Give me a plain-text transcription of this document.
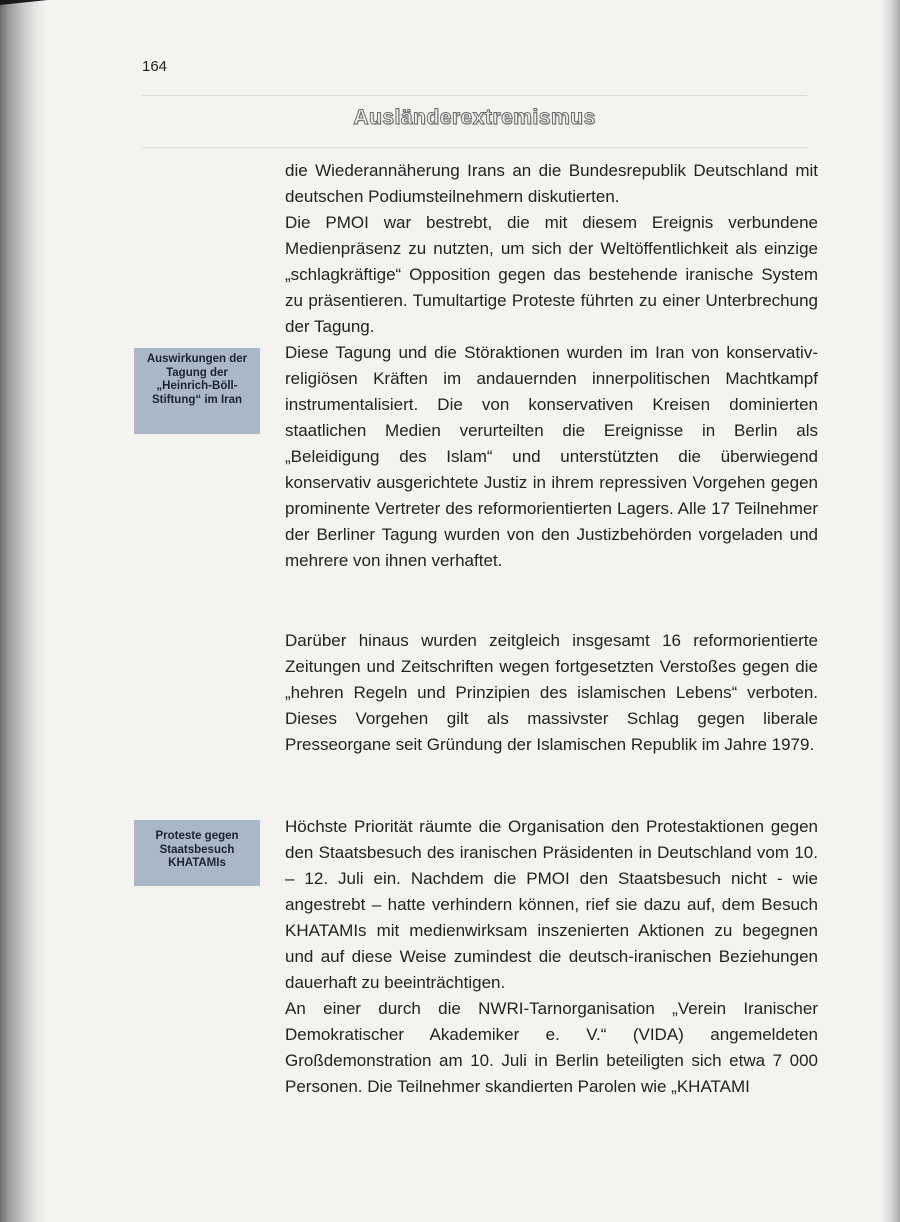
164
Ausländerextremismus
Auswirkungen der Tagung der „Heinrich-Böll-Stiftung“ im Iran
Proteste gegen Staatsbesuch KHATAMIs

die Wiederannäherung Irans an die Bundesrepublik Deutschland mit deutschen Podiumsteilnehmern diskutierten.

Die PMOI war bestrebt, die mit diesem Ereignis verbundene Medienpräsenz zu nutzten, um sich der Weltöffentlichkeit als einzige „schlagkräftige“ Opposition gegen das bestehende iranische System zu präsentieren. Tumultartige Proteste führten zu einer Unterbrechung der Tagung.

Diese Tagung und die Störaktionen wurden im Iran von konservativ-religiösen Kräften im andauernden innerpolitischen Machtkampf instrumentalisiert. Die von konservativen Kreisen dominierten staatlichen Medien verurteilten die Ereignisse in Berlin als „Beleidigung des Islam“ und unterstützten die überwiegend konservativ ausgerichtete Justiz in ihrem repressiven Vorgehen gegen prominente Vertreter des reformorientierten Lagers. Alle 17 Teilnehmer der Berliner Tagung wurden von den Justizbehörden vorgeladen und mehrere von ihnen verhaftet.

Darüber hinaus wurden zeitgleich insgesamt 16 reformorientierte Zeitungen und Zeitschriften wegen fortgesetzten Verstoßes gegen die „hehren Regeln und Prinzipien des islamischen Lebens“ verboten. Dieses Vorgehen gilt als massivster Schlag gegen liberale Presseorgane seit Gründung der Islamischen Republik im Jahre 1979.

Höchste Priorität räumte die Organisation den Protestaktionen gegen den Staatsbesuch des iranischen Präsidenten in Deutschland vom 10. – 12. Juli ein. Nachdem die PMOI den Staatsbesuch nicht - wie angestrebt – hatte verhindern können, rief sie dazu auf, dem Besuch KHATAMIs mit medienwirksam inszenierten Aktionen zu begegnen und auf diese Weise zumindest die deutsch-iranischen Beziehungen dauerhaft zu beeinträchtigen.

An einer durch die NWRI-Tarnorganisation „Verein Iranischer Demokratischer Akademiker e. V.“ (VIDA) angemeldeten Großdemonstration am 10. Juli in Berlin beteiligten sich etwa 7 000 Personen. Die Teilnehmer skandierten Parolen wie „KHATAMI
